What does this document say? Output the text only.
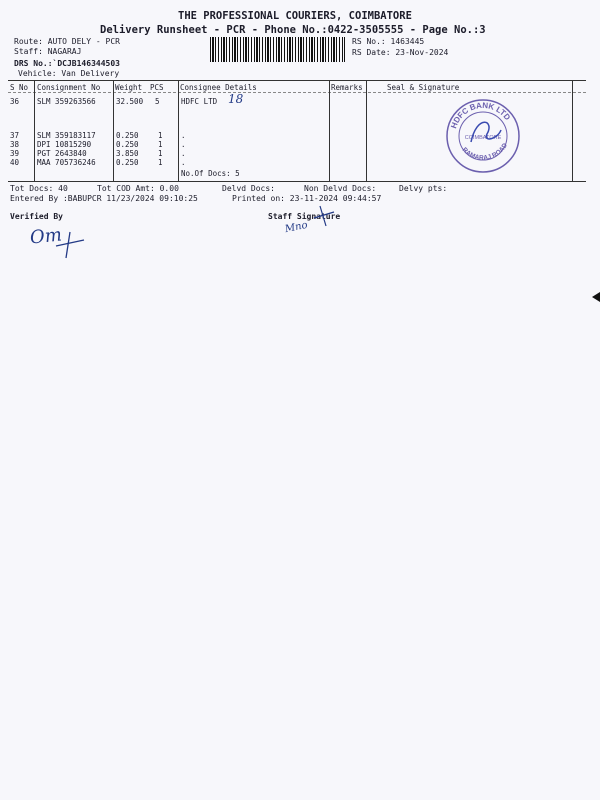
THE PROFESSIONAL COURIERS, COIMBATORE
Delivery Runsheet - PCR - Phone No.:0422-3505555 - Page No.:3
Route: AUTO DELY - PCR
Staff: NAGARAJ
DRS No.:`DCJB146344503
Vehicle: Van Delivery
RS No.: 1463445
RS Date: 23-Nov-2024
S No Consignment No Weight PCS Consignee Details	Remarks	Seal & Signature
36 SLM 359263566	32.500 5	HDFC LTD 18
37 SLM 359183117	0.250	1 .
38 DPI 10815290	0.250	1 .
39 PGT 2643840	3.850	1 .
40 MAA 705736246	0.250	1 .
No.Of Docs: 5
HDFC BANK LTD
RAMARAJ ROAD
COIMBATORE
Tot Docs: 40	Tot COD Amt: 0.00	Delvd Docs:	Non Delvd Docs:	Delvy pts:
Entered By :BABUPCR 11/23/2024 09:10:25	Printed on: 23-11-2024 09:44:57
Verified By	Staff Signature
Om	Mno
